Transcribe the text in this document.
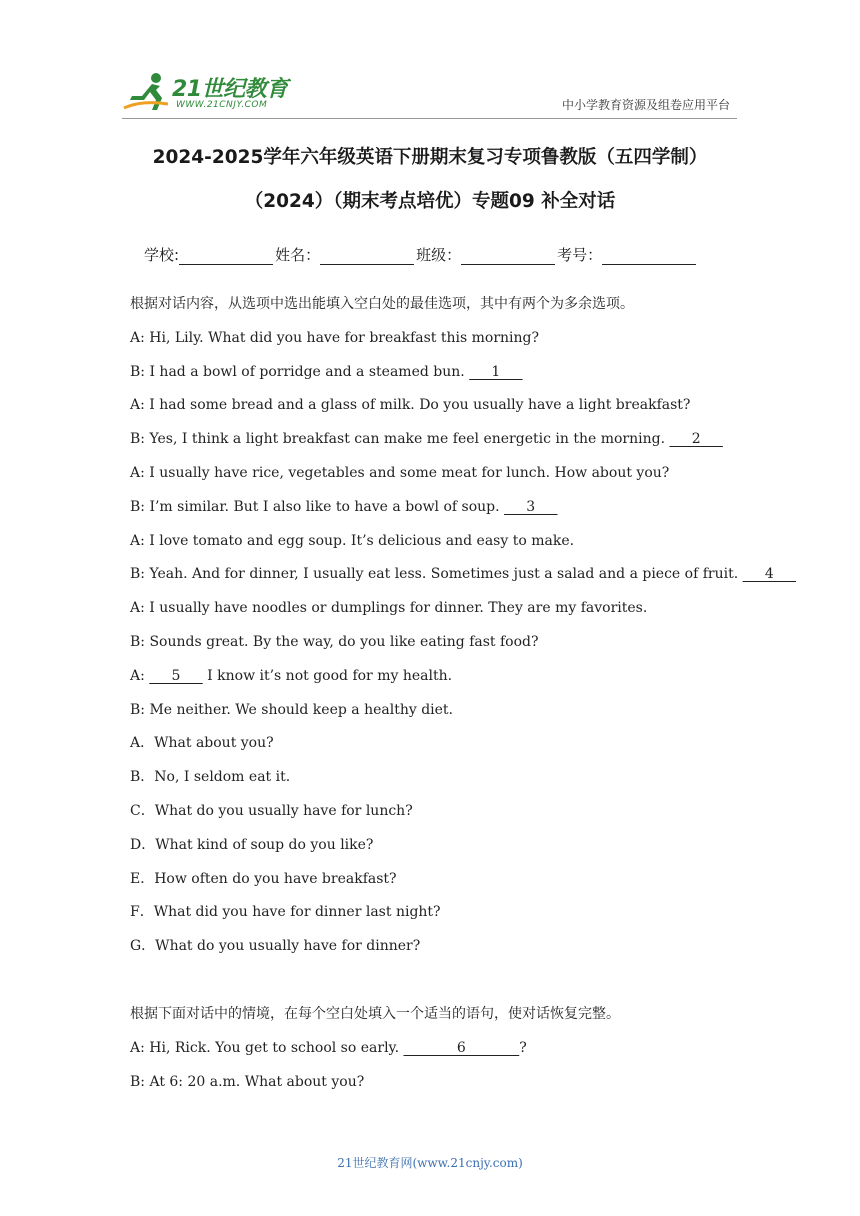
21世纪教育
WWW.21CNJY.COM	中小学教育资源及组卷应用平台
2024-2025学年六年级英语下册期末复习专项鲁教版（五四学制）
（2024）（期末考点培优）专题09 补全对话
学校:	姓名：	班级：	考号：
根据对话内容，从选项中选出能填入空白处的最佳选项，其中有两个为多余选项。
A: Hi, Lily. What did you have for breakfast this morning?
B: I had a bowl of porridge and a steamed bun.      1
A: I had some bread and a glass of milk. Do you usually have a light breakfast?
B: Yes, I think a light breakfast can make me feel energetic in the morning.      2
A: I usually have rice, vegetables and some meat for lunch. How about you?
B: I’m similar. But I also like to have a bowl of soup.      3
A: I love tomato and egg soup. It’s delicious and easy to make.
B: Yeah. And for dinner, I usually eat less. Sometimes just a salad and a piece of fruit.      4
A: I usually have noodles or dumplings for dinner. They are my favorites.
B: Sounds great. By the way, do you like eating fast food?
A:      5      I know it’s not good for my health.
B: Me neither. We should keep a healthy diet.
A．What about you?
B．No, I seldom eat it.
C．What do you usually have for lunch?
D．What kind of soup do you like?
E．How often do you have breakfast?
F．What did you have for dinner last night?
G．What do you usually have for dinner?
根据下面对话中的情境，在每个空白处填入一个适当的语句，使对话恢复完整。
A: Hi, Rick. You get to school so early.             6            ?
B: At 6: 20 a.m. What about you?
21世纪教育网(www.21cnjy.com)
